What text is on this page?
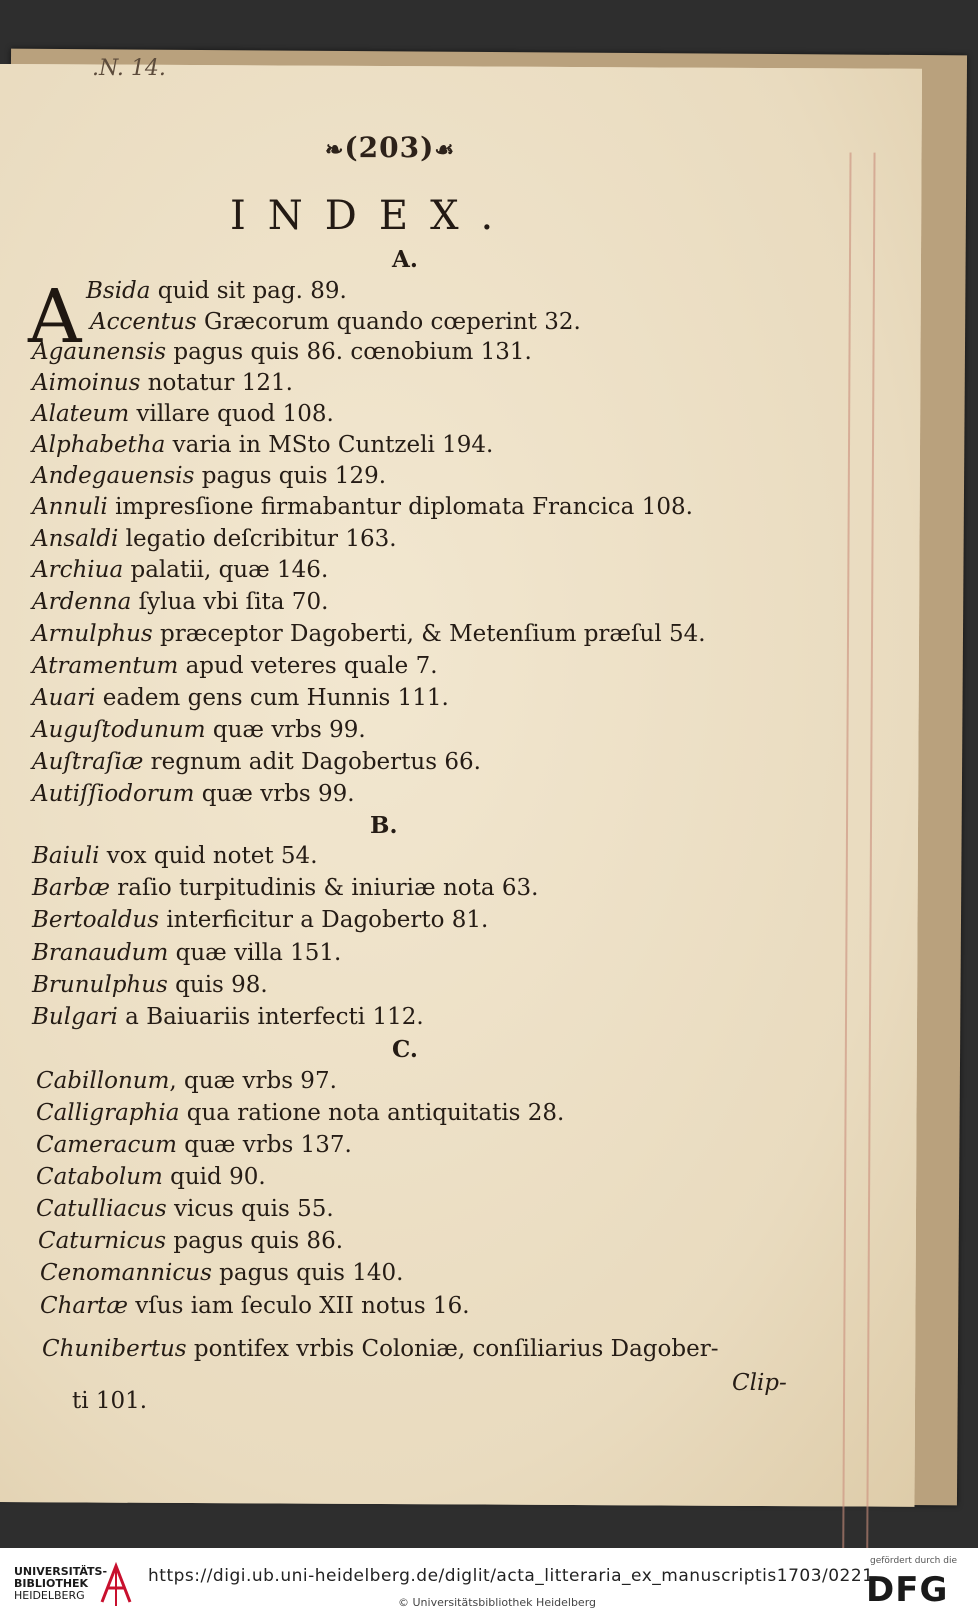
.N. 14.
❧(203)☙
INDEX.
A.
A Bsida quid sit pag. 89.
Accentus Græcorum quando cœperint 32.
Agaunensis pagus quis 86. cœnobium 131.
Aimoinus notatur 121.
Alateum villare quod 108.
Alphabetha varia in MSto Cuntzeli 194.
Andegauensis pagus quis 129.
Annuli impresſione firmabantur diplomata Francica 108.
Ansaldi legatio deſcribitur 163.
Archiua palatii, quæ 146.
Ardenna ſylua vbi ſita 70.
Arnulphus præceptor Dagoberti, & Metenſium præſul 54.
Atramentum apud veteres quale 7.
Auari eadem gens cum Hunnis 111.
Auguſtodunum quæ vrbs 99.
Auſtraſiæ regnum adit Dagobertus 66.
Autiſſiodorum quæ vrbs 99.
B.
Baiuli vox quid notet 54.
Barbæ raſio turpitudinis & iniuriæ nota 63.
Bertoaldus interficitur a Dagoberto 81.
Branaudum quæ villa 151.
Brunulphus quis 98.
Bulgari a Baiuariis interfecti 112.
C.
Cabillonum, quæ vrbs 97.
Calligraphia qua ratione nota antiquitatis 28.
Cameracum quæ vrbs 137.
Catabolum quid 90.
Catulliacus vicus quis 55.
Caturnicus pagus quis 86.
Cenomannicus pagus quis 140.
Chartæ vſus iam ſeculo XII notus 16.
Chunibertus pontifex vrbis Coloniæ, conſiliarius Dagober-
ti 101.
Clip-
UNIVERSITÄTS-
BIBLIOTHEK
HEIDELBERG
https://digi.ub.uni-heidelberg.de/diglit/acta_litteraria_ex_manuscriptis1703/0221
© Universitätsbibliothek Heidelberg
gefördert durch die
DFG
